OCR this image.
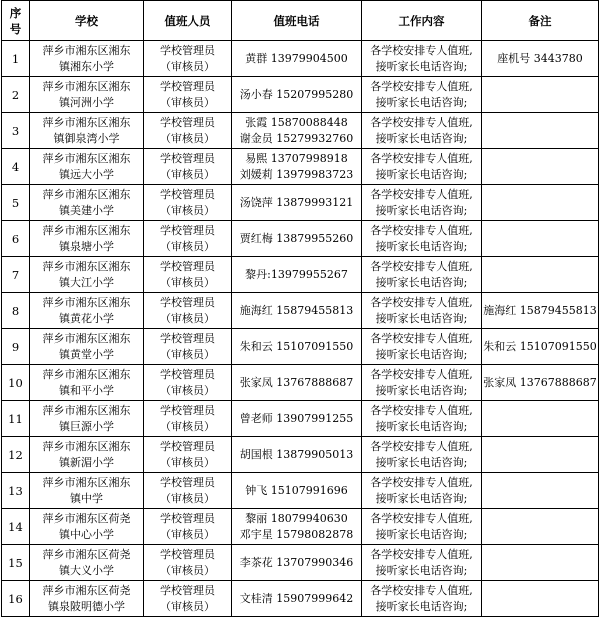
序
号	学校	值班人员	值班电话	工作内容	备注
1	萍乡市湘东区湘东
镇湘东小学	学校管理员
（审核员）	黄群 13979904500	各学校安排专人值班,
接听家长电话咨询;	座机号 3443780
2	萍乡市湘东区湘东
镇河洲小学	学校管理员
（审核员）	汤小春 15207995280	各学校安排专人值班,
接听家长电话咨询;	

3	萍乡市湘东区湘东
镇御泉湾小学	学校管理员
（审核员）	张霞 15870088448
谢金员 15279932760	各学校安排专人值班,
接听家长电话咨询;	

4	萍乡市湘东区湘东
镇远大小学	学校管理员
（审核员）	易熙 13707998918
刘媛莉 13979983723	各学校安排专人值班,
接听家长电话咨询;	

5	萍乡市湘东区湘东
镇美建小学	学校管理员
（审核员）	汤饶萍 13879993121	各学校安排专人值班,
接听家长电话咨询;	

6	萍乡市湘东区湘东
镇泉塘小学	学校管理员
（审核员）	贾红梅 13879955260	各学校安排专人值班,
接听家长电话咨询;	

7	萍乡市湘东区湘东
镇大江小学	学校管理员
（审核员）	黎丹:13979955267	各学校安排专人值班,
接听家长电话咨询;	

8	萍乡市湘东区湘东
镇黄花小学	学校管理员
（审核员）	施海红 15879455813	各学校安排专人值班,
接听家长电话咨询;	施海红 15879455813
9	萍乡市湘东区湘东
镇黄堂小学	学校管理员
（审核员）	朱和云 15107091550	各学校安排专人值班,
接听家长电话咨询;	朱和云 15107091550
10	萍乡市湘东区湘东
镇和平小学	学校管理员
（审核员）	张家凤 13767888687	各学校安排专人值班,
接听家长电话咨询;	张家凤 13767888687
11	萍乡市湘东区湘东
镇巨源小学	学校管理员
（审核员）	曾老师 13907991255	各学校安排专人值班,
接听家长电话咨询;	

12	萍乡市湘东区湘东
镇新湄小学	学校管理员
（审核员）	胡国根 13879905013	各学校安排专人值班,
接听家长电话咨询;	

13	萍乡市湘东区湘东
镇中学	学校管理员
（审核员）	钟飞 15107991696	各学校安排专人值班,
接听家长电话咨询;	

14	萍乡市湘东区荷尧
镇中心小学	学校管理员
（审核员）	黎丽 18079940630
邓宇星 15798082878	各学校安排专人值班,
接听家长电话咨询;	

15	萍乡市湘东区荷尧
镇大义小学	学校管理员
（审核员）	李茶花 13707990346	各学校安排专人值班,
接听家长电话咨询;	

16	萍乡市湘东区荷尧
镇泉陂明德小学	学校管理员
（审核员）	文桂清 15907999642	各学校安排专人值班,
接听家长电话咨询;	
